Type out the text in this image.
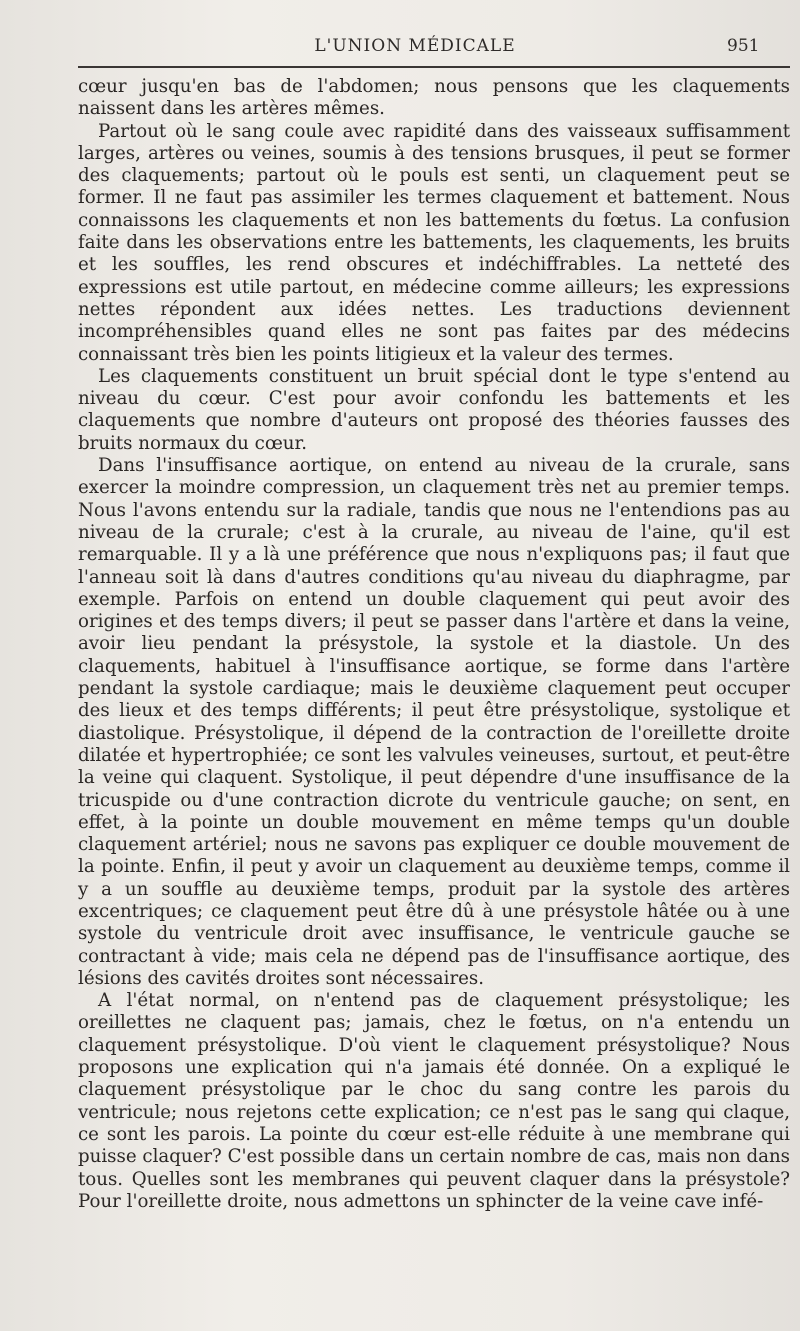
L'UNION MÉDICALE	951

cœur jusqu'en bas de l'abdomen; nous pensons que les claquements naissent dans les artères mêmes.

Partout où le sang coule avec rapidité dans des vaisseaux suffisamment larges, artères ou veines, soumis à des tensions brusques, il peut se former des claquements; partout où le pouls est senti, un claquement peut se former. Il ne faut pas assimiler les termes claquement et battement. Nous connaissons les claquements et non les battements du fœtus. La confusion faite dans les observations entre les battements, les claquements, les bruits et les souffles, les rend obscures et indéchiffrables. La netteté des expressions est utile partout, en médecine comme ailleurs; les expressions nettes répondent aux idées nettes. Les traductions deviennent incompréhensibles quand elles ne sont pas faites par des médecins connaissant très bien les points litigieux et la valeur des termes.

Les claquements constituent un bruit spécial dont le type s'entend au niveau du cœur. C'est pour avoir confondu les battements et les claquements que nombre d'auteurs ont proposé des théories fausses des bruits normaux du cœur.

Dans l'insuffisance aortique, on entend au niveau de la crurale, sans exercer la moindre compression, un claquement très net au premier temps. Nous l'avons entendu sur la radiale, tandis que nous ne l'entendions pas au niveau de la crurale; c'est à la crurale, au niveau de l'aine, qu'il est remarquable. Il y a là une préférence que nous n'expliquons pas; il faut que l'anneau soit là dans d'autres conditions qu'au niveau du diaphragme, par exemple. Parfois on entend un double claquement qui peut avoir des origines et des temps divers; il peut se passer dans l'artère et dans la veine, avoir lieu pendant la présystole, la systole et la diastole. Un des claquements, habituel à l'insuffisance aortique, se forme dans l'artère pendant la systole cardiaque; mais le deuxième claquement peut occuper des lieux et des temps différents; il peut être présystolique, systolique et diastolique. Présystolique, il dépend de la contraction de l'oreillette droite dilatée et hypertrophiée; ce sont les valvules veineuses, surtout, et peut-être la veine qui claquent. Systolique, il peut dépendre d'une insuffisance de la tricuspide ou d'une contraction dicrote du ventricule gauche; on sent, en effet, à la pointe un double mouvement en même temps qu'un double claquement artériel; nous ne savons pas expliquer ce double mouvement de la pointe. Enfin, il peut y avoir un claquement au deuxième temps, comme il y a un souffle au deuxième temps, produit par la systole des artères excentriques; ce claquement peut être dû à une présystole hâtée ou à une systole du ventricule droit avec insuffisance, le ventricule gauche se contractant à vide; mais cela ne dépend pas de l'insuffisance aortique, des lésions des cavités droites sont nécessaires.

A l'état normal, on n'entend pas de claquement présystolique; les oreillettes ne claquent pas; jamais, chez le fœtus, on n'a entendu un claquement présystolique. D'où vient le claquement présystolique? Nous proposons une explication qui n'a jamais été donnée. On a expliqué le claquement présystolique par le choc du sang contre les parois du ventricule; nous rejetons cette explication; ce n'est pas le sang qui claque, ce sont les parois. La pointe du cœur est-elle réduite à une membrane qui puisse claquer? C'est possible dans un certain nombre de cas, mais non dans tous. Quelles sont les membranes qui peuvent claquer dans la présystole? Pour l'oreillette droite, nous admettons un sphincter de la veine cave infé-
